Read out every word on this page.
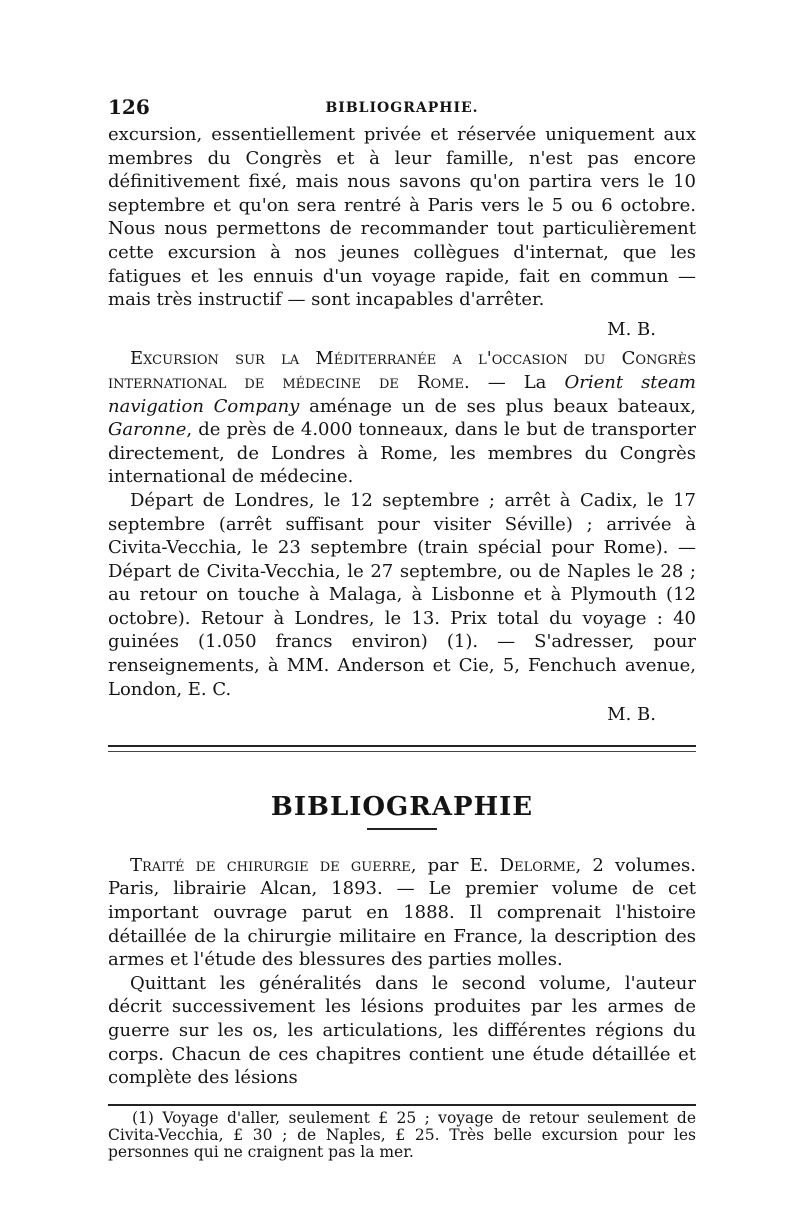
126	BIBLIOGRAPHIE.

excursion, essentiellement privée et réservée uniquement aux membres du Congrès et à leur famille, n'est pas encore définitivement fixé, mais nous savons qu'on partira vers le 10 septembre et qu'on sera rentré à Paris vers le 5 ou 6 octobre. Nous nous permettons de recommander tout particulièrement cette excursion à nos jeunes collègues d'internat, que les fatigues et les ennuis d'un voyage rapide, fait en commun — mais très instructif — sont incapables d'arrêter.

M. B.

Excursion sur la Méditerranée a l'occasion du Congrès international de médecine de Rome. — La Orient steam navigation Company aménage un de ses plus beaux bateaux, Garonne, de près de 4.000 tonneaux, dans le but de transporter directement, de Londres à Rome, les membres du Congrès international de médecine.

Départ de Londres, le 12 septembre ; arrêt à Cadix, le 17 septembre (arrêt suffisant pour visiter Séville) ; arrivée à Civita-Vecchia, le 23 septembre (train spécial pour Rome). — Départ de Civita-Vecchia, le 27 septembre, ou de Naples le 28 ; au retour on touche à Malaga, à Lisbonne et à Plymouth (12 octobre). Retour à Londres, le 13. Prix total du voyage : 40 guinées (1.050 francs environ) (1). — S'adresser, pour renseignements, à MM. Anderson et Cie, 5, Fenchuch avenue, London, E. C.

M. B.
BIBLIOGRAPHIE

Traité de chirurgie de guerre, par E. Delorme, 2 volumes. Paris, librairie Alcan, 1893. — Le premier volume de cet important ouvrage parut en 1888. Il comprenait l'histoire détaillée de la chirurgie militaire en France, la description des armes et l'étude des blessures des parties molles.

Quittant les généralités dans le second volume, l'auteur décrit successivement les lésions produites par les armes de guerre sur les os, les articulations, les différentes régions du corps. Chacun de ces chapitres contient une étude détaillée et complète des lésions

(1) Voyage d'aller, seulement £ 25 ; voyage de retour seulement de Civita-Vecchia, £ 30 ; de Naples, £ 25. Très belle excursion pour les personnes qui ne craignent pas la mer.
